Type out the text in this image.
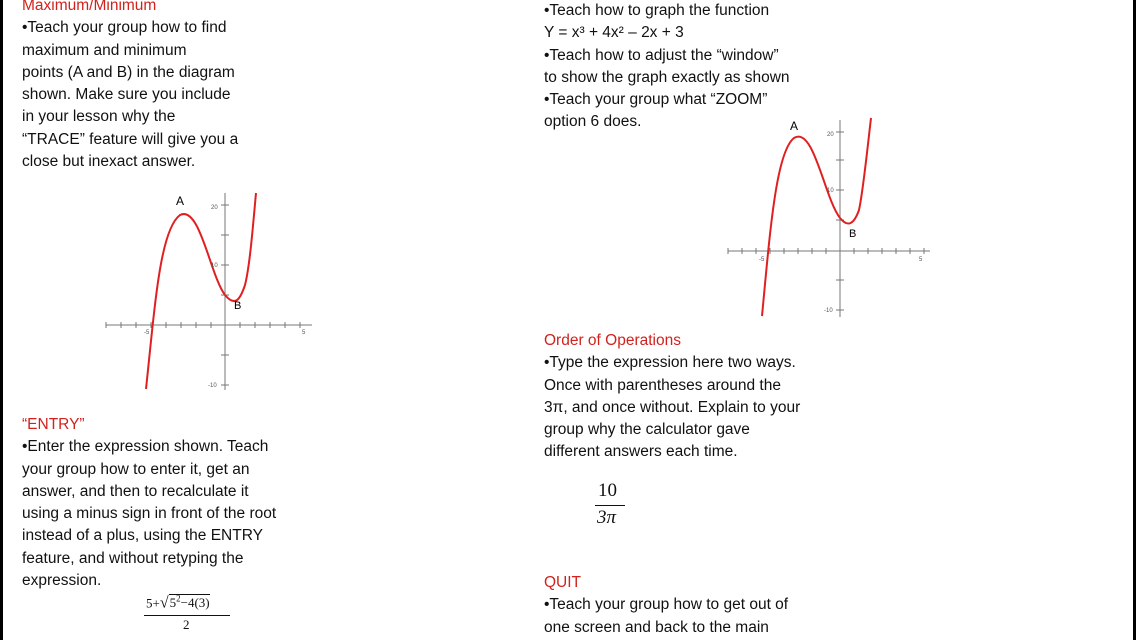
Maximum/Minimum
•Teach your group how to find
maximum and minimum
points (A and B) in the diagram
shown. Make sure you include
in your lesson why the
“TRACE” feature will give you a
close but inexact answer.
A
B
20
10
-10
-5	5
“ENTRY”
•Enter the expression shown. Teach
your group how to enter it, get an
answer, and then to recalculate it
using a minus sign in front of the root
instead of a plus, using the ENTRY
feature, and without retyping the
expression.
$5+√5^2-4(3)$
2
•Teach how to graph the function
Y = x³ + 4x² – 2x + 3
•Teach how to adjust the “window”
to show the graph exactly as shown
•Teach your group what “ZOOM”
option 6 does.	A
B
20
10
-10
-5	5
Order of Operations
•Type the expression here two ways.
Once with parentheses around the
3π, and once without. Explain to your
group why the calculator gave
different answers each time.
10
3π
QUIT
•Teach your group how to get out of
one screen and back to the main
